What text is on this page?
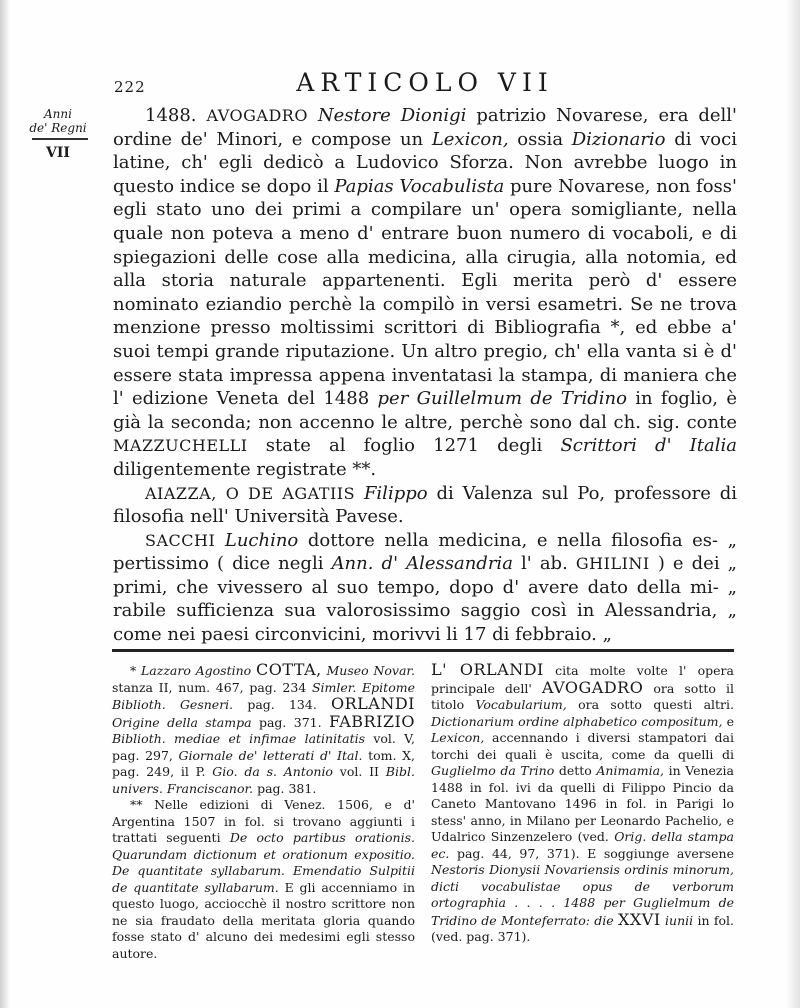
222	ARTICOLO VII
Anni
de' Regni
VII

1488. AVOGADRO Nestore Dionigi patrizio Novarese, era dell' ordine de' Minori, e compose un Lexicon, ossia Dizionario di voci latine, ch' egli dedicò a Ludovico Sforza. Non avrebbe luogo in questo indice se dopo il Papias Vocabulista pure Novarese, non foss' egli stato uno dei primi a compilare un' opera somigliante, nella quale non poteva a meno d' entrare buon numero di vocaboli, e di spiegazioni delle cose alla medicina, alla cirugia, alla notomia, ed alla storia naturale appartenenti. Egli merita però d' essere nominato eziandio perchè la compilò in versi esametri. Se ne trova menzione presso moltissimi scrittori di Bibliografia *, ed ebbe a' suoi tempi grande riputazione. Un altro pregio, ch' ella vanta si è d' essere stata impressa appena inventatasi la stampa, di maniera che l' edizione Veneta del 1488 per Guillelmum de Tridino in foglio, è già la seconda; non accenno le altre, perchè sono dal ch. sig. conte MAZZUCHELLI state al foglio 1271 degli Scrittori d' Italia diligentemente registrate **.

AIAZZA, O DE AGATIIS Filippo di Valenza sul Po, professore di filosofia nell' Università Pavese.

SACCHI Luchino dottore nella medicina, e nella filosofia es- „ pertissimo ( dice negli Ann. d' Alessandria l' ab. GHILINI ) e dei „ primi, che vivessero al suo tempo, dopo d' avere dato della mi- „ rabile sufficienza sua valorosissimo saggio così in Alessandria, „ come nei paesi circonvicini, morivvi li 17 di febbraio. „

* Lazzaro Agostino COTTA, Museo Novar. stanza II, num. 467, pag. 234 Simler. Epitome Biblioth. Gesneri. pag. 134. ORLANDI Origine della stampa pag. 371. FABRIZIO Biblioth. mediae et infimae latinitatis vol. V, pag. 297, Giornale de' letterati d' Ital. tom. X, pag. 249, il P. Gio. da s. Antonio vol. II Bibl. univers. Franciscanor. pag. 381.

** Nelle edizioni di Venez. 1506, e d' Argentina 1507 in fol. si trovano aggiunti i trattati seguenti De octo partibus orationis. Quarundam dictionum et orationum expositio. De quantitate syllabarum. Emendatio Sulpitii de quantitate syllabarum. E gli accenniamo in questo luogo, acciocchè il nostro scrittore non ne sia fraudato della meritata gloria quando fosse stato d' alcuno dei medesimi egli stesso autore.

L' ORLANDI cita molte volte l' opera principale dell' AVOGADRO ora sotto il titolo Vocabularium, ora sotto questi altri. Dictionarium ordine alphabetico compositum, e Lexicon, accennando i diversi stampatori dai torchi dei quali è uscita, come da quelli di Guglielmo da Trino detto Animamia, in Venezia 1488 in fol. ivi da quelli di Filippo Pincio da Caneto Mantovano 1496 in fol. in Parigi lo stess' anno, in Milano per Leonardo Pachelio, e Udalrico Sinzenzelero (ved. Orig. della stampa ec. pag. 44, 97, 371). E soggiunge aversene Nestoris Dionysii Novariensis ordinis minorum, dicti vocabulistae opus de verborum ortographia . . . . 1488 per Guglielmum de Tridino de Monteferrato: die XXVI iunii in fol. (ved. pag. 371).
